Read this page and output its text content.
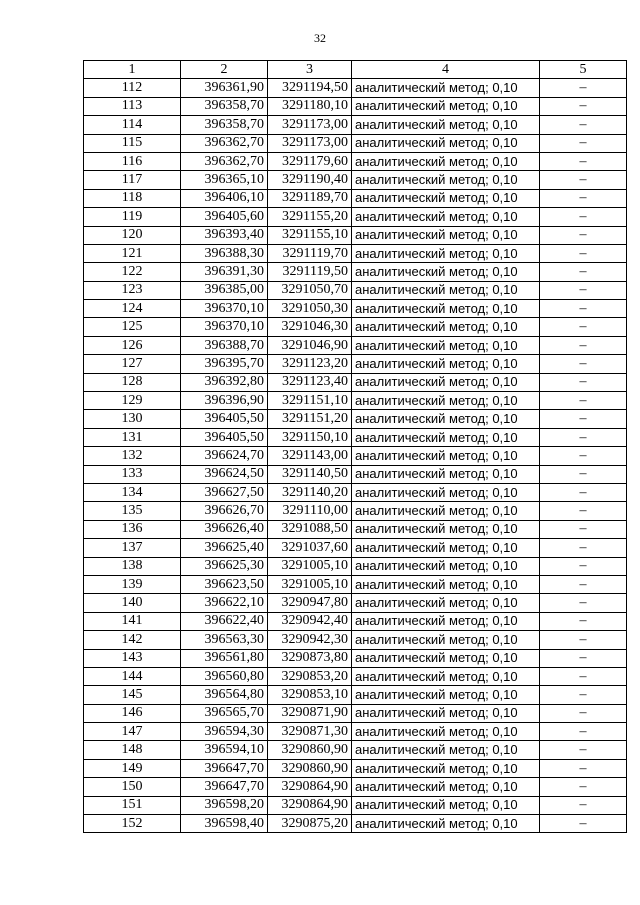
32
1	2	3	4	5
112	396361,90	3291194,50	аналитический метод; 0,10	–
113	396358,70	3291180,10	аналитический метод; 0,10	–
114	396358,70	3291173,00	аналитический метод; 0,10	–
115	396362,70	3291173,00	аналитический метод; 0,10	–
116	396362,70	3291179,60	аналитический метод; 0,10	–
117	396365,10	3291190,40	аналитический метод; 0,10	–
118	396406,10	3291189,70	аналитический метод; 0,10	–
119	396405,60	3291155,20	аналитический метод; 0,10	–
120	396393,40	3291155,10	аналитический метод; 0,10	–
121	396388,30	3291119,70	аналитический метод; 0,10	–
122	396391,30	3291119,50	аналитический метод; 0,10	–
123	396385,00	3291050,70	аналитический метод; 0,10	–
124	396370,10	3291050,30	аналитический метод; 0,10	–
125	396370,10	3291046,30	аналитический метод; 0,10	–
126	396388,70	3291046,90	аналитический метод; 0,10	–
127	396395,70	3291123,20	аналитический метод; 0,10	–
128	396392,80	3291123,40	аналитический метод; 0,10	–
129	396396,90	3291151,10	аналитический метод; 0,10	–
130	396405,50	3291151,20	аналитический метод; 0,10	–
131	396405,50	3291150,10	аналитический метод; 0,10	–
132	396624,70	3291143,00	аналитический метод; 0,10	–
133	396624,50	3291140,50	аналитический метод; 0,10	–
134	396627,50	3291140,20	аналитический метод; 0,10	–
135	396626,70	3291110,00	аналитический метод; 0,10	–
136	396626,40	3291088,50	аналитический метод; 0,10	–
137	396625,40	3291037,60	аналитический метод; 0,10	–
138	396625,30	3291005,10	аналитический метод; 0,10	–
139	396623,50	3291005,10	аналитический метод; 0,10	–
140	396622,10	3290947,80	аналитический метод; 0,10	–
141	396622,40	3290942,40	аналитический метод; 0,10	–
142	396563,30	3290942,30	аналитический метод; 0,10	–
143	396561,80	3290873,80	аналитический метод; 0,10	–
144	396560,80	3290853,20	аналитический метод; 0,10	–
145	396564,80	3290853,10	аналитический метод; 0,10	–
146	396565,70	3290871,90	аналитический метод; 0,10	–
147	396594,30	3290871,30	аналитический метод; 0,10	–
148	396594,10	3290860,90	аналитический метод; 0,10	–
149	396647,70	3290860,90	аналитический метод; 0,10	–
150	396647,70	3290864,90	аналитический метод; 0,10	–
151	396598,20	3290864,90	аналитический метод; 0,10	–
152	396598,40	3290875,20	аналитический метод; 0,10	–
